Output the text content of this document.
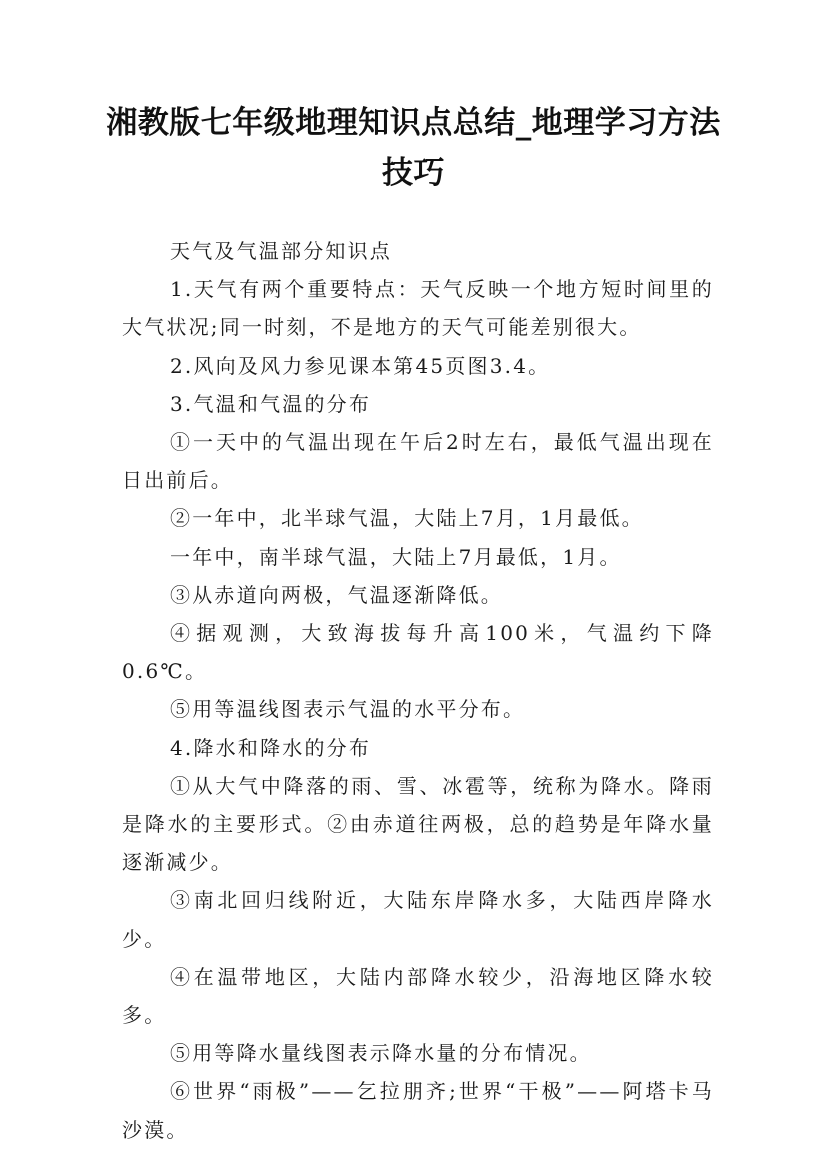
湘教版七年级地理知识点总结_地理学习方法技巧

天气及气温部分知识点

1.天气有两个重要特点：天气反映一个地方短时间里的大气状况;同一时刻，不是地方的天气可能差别很大。

2.风向及风力参见课本第45页图3.4。

3.气温和气温的分布

①一天中的气温出现在午后2时左右，最低气温出现在日出前后。

②一年中，北半球气温，大陆上7月，1月最低。

一年中，南半球气温，大陆上7月最低，1月。

③从赤道向两极，气温逐渐降低。

④据观测，大致海拔每升高100米，气温约下降0.6℃。

⑤用等温线图表示气温的水平分布。

4.降水和降水的分布

①从大气中降落的雨、雪、冰雹等，统称为降水。降雨是降水的主要形式。②由赤道往两极，总的趋势是年降水量逐渐减少。

③南北回归线附近，大陆东岸降水多，大陆西岸降水少。

④在温带地区，大陆内部降水较少，沿海地区降水较多。

⑤用等降水量线图表示降水量的分布情况。

⑥世界“雨极”——乞拉朋齐;世界“干极”——阿塔卡马沙漠。
